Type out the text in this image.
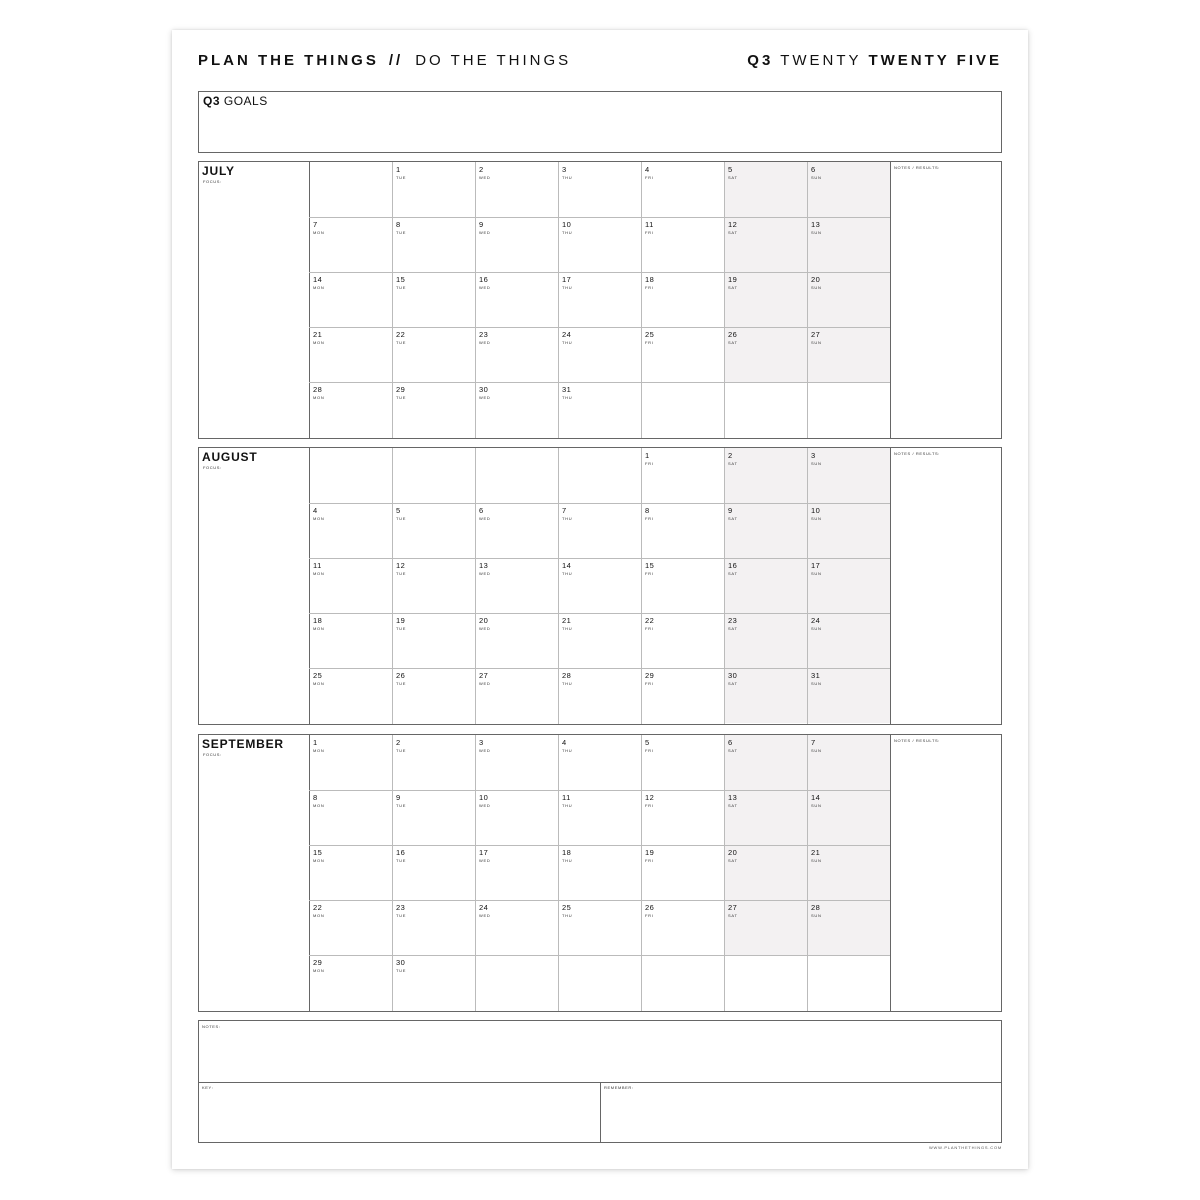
PLAN THE THINGS // DO THE THINGS	Q3 TWENTY TWENTY FIVE
Q3 GOALS
JULY
FOCUS:
NOTES / RESULTS:
1
TUE
2
WED
3
THU
4
FRI
5
SAT
6
SUN
7
MON
8
TUE
9
WED
10
THU
11
FRI
12
SAT
13
SUN
14
MON
15
TUE
16
WED
17
THU
18
FRI
19
SAT
20
SUN
21
MON
22
TUE
23
WED
24
THU
25
FRI
26
SAT
27
SUN
28
MON
29
TUE
30
WED
31
THU
AUGUST
FOCUS:
NOTES / RESULTS:
1
FRI
2
SAT
3
SUN
4
MON
5
TUE
6
WED
7
THU
8
FRI
9
SAT
10
SUN
11
MON
12
TUE
13
WED
14
THU
15
FRI
16
SAT
17
SUN
18
MON
19
TUE
20
WED
21
THU
22
FRI
23
SAT
24
SUN
25
MON
26
TUE
27
WED
28
THU
29
FRI
30
SAT
31
SUN
SEPTEMBER
FOCUS:
NOTES / RESULTS:
1
MON
2
TUE
3
WED
4
THU
5
FRI
6
SAT
7
SUN
8
MON
9
TUE
10
WED
11
THU
12
FRI
13
SAT
14
SUN
15
MON
16
TUE
17
WED
18
THU
19
FRI
20
SAT
21
SUN
22
MON
23
TUE
24
WED
25
THU
26
FRI
27
SAT
28
SUN
29
MON
30
TUE
NOTES:
KEY:	REMEMBER:
WWW.PLANTHETHINGS.COM
